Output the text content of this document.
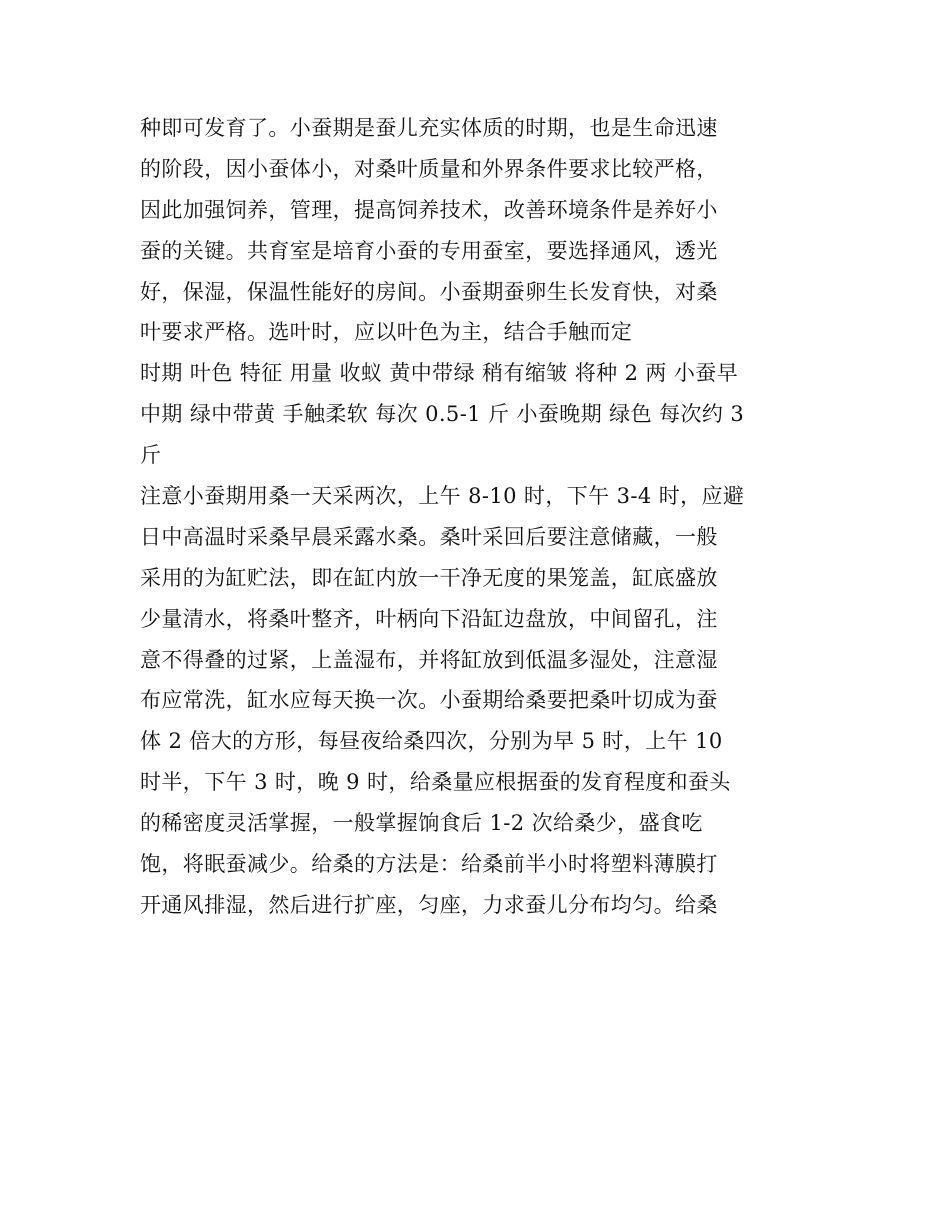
种即可发育了。小蚕期是蚕儿充实体质的时期，也是生命迅速
的阶段，因小蚕体小，对桑叶质量和外界条件要求比较严格，
因此加强饲养，管理，提高饲养技术，改善环境条件是养好小
蚕的关键。共育室是培育小蚕的专用蚕室，要选择通风，透光
好，保湿，保温性能好的房间。小蚕期蚕卵生长发育快，对桑
叶要求严格。选叶时，应以叶色为主，结合手触而定
时期 叶色 特征 用量 收蚁 黄中带绿 稍有缩皱 将种 2 两 小蚕早
中期 绿中带黄 手触柔软 每次 0.5-1 斤 小蚕晚期 绿色 每次约 3
斤
注意小蚕期用桑一天采两次，上午 8-10 时，下午 3-4 时，应避
日中高温时采桑早晨采露水桑。桑叶采回后要注意储藏，一般
采用的为缸贮法，即在缸内放一干净无度的果笼盖，缸底盛放
少量清水，将桑叶整齐，叶柄向下沿缸边盘放，中间留孔，注
意不得叠的过紧，上盖湿布，并将缸放到低温多湿处，注意湿
布应常洗，缸水应每天换一次。小蚕期给桑要把桑叶切成为蚕
体 2 倍大的方形，每昼夜给桑四次，分别为早 5 时，上午 10
时半，下午 3 时，晚 9 时，给桑量应根据蚕的发育程度和蚕头
的稀密度灵活掌握，一般掌握饷食后 1-2 次给桑少，盛食吃
饱，将眠蚕减少。给桑的方法是：给桑前半小时将塑料薄膜打
开通风排湿，然后进行扩座，匀座，力求蚕儿分布均匀。给桑
